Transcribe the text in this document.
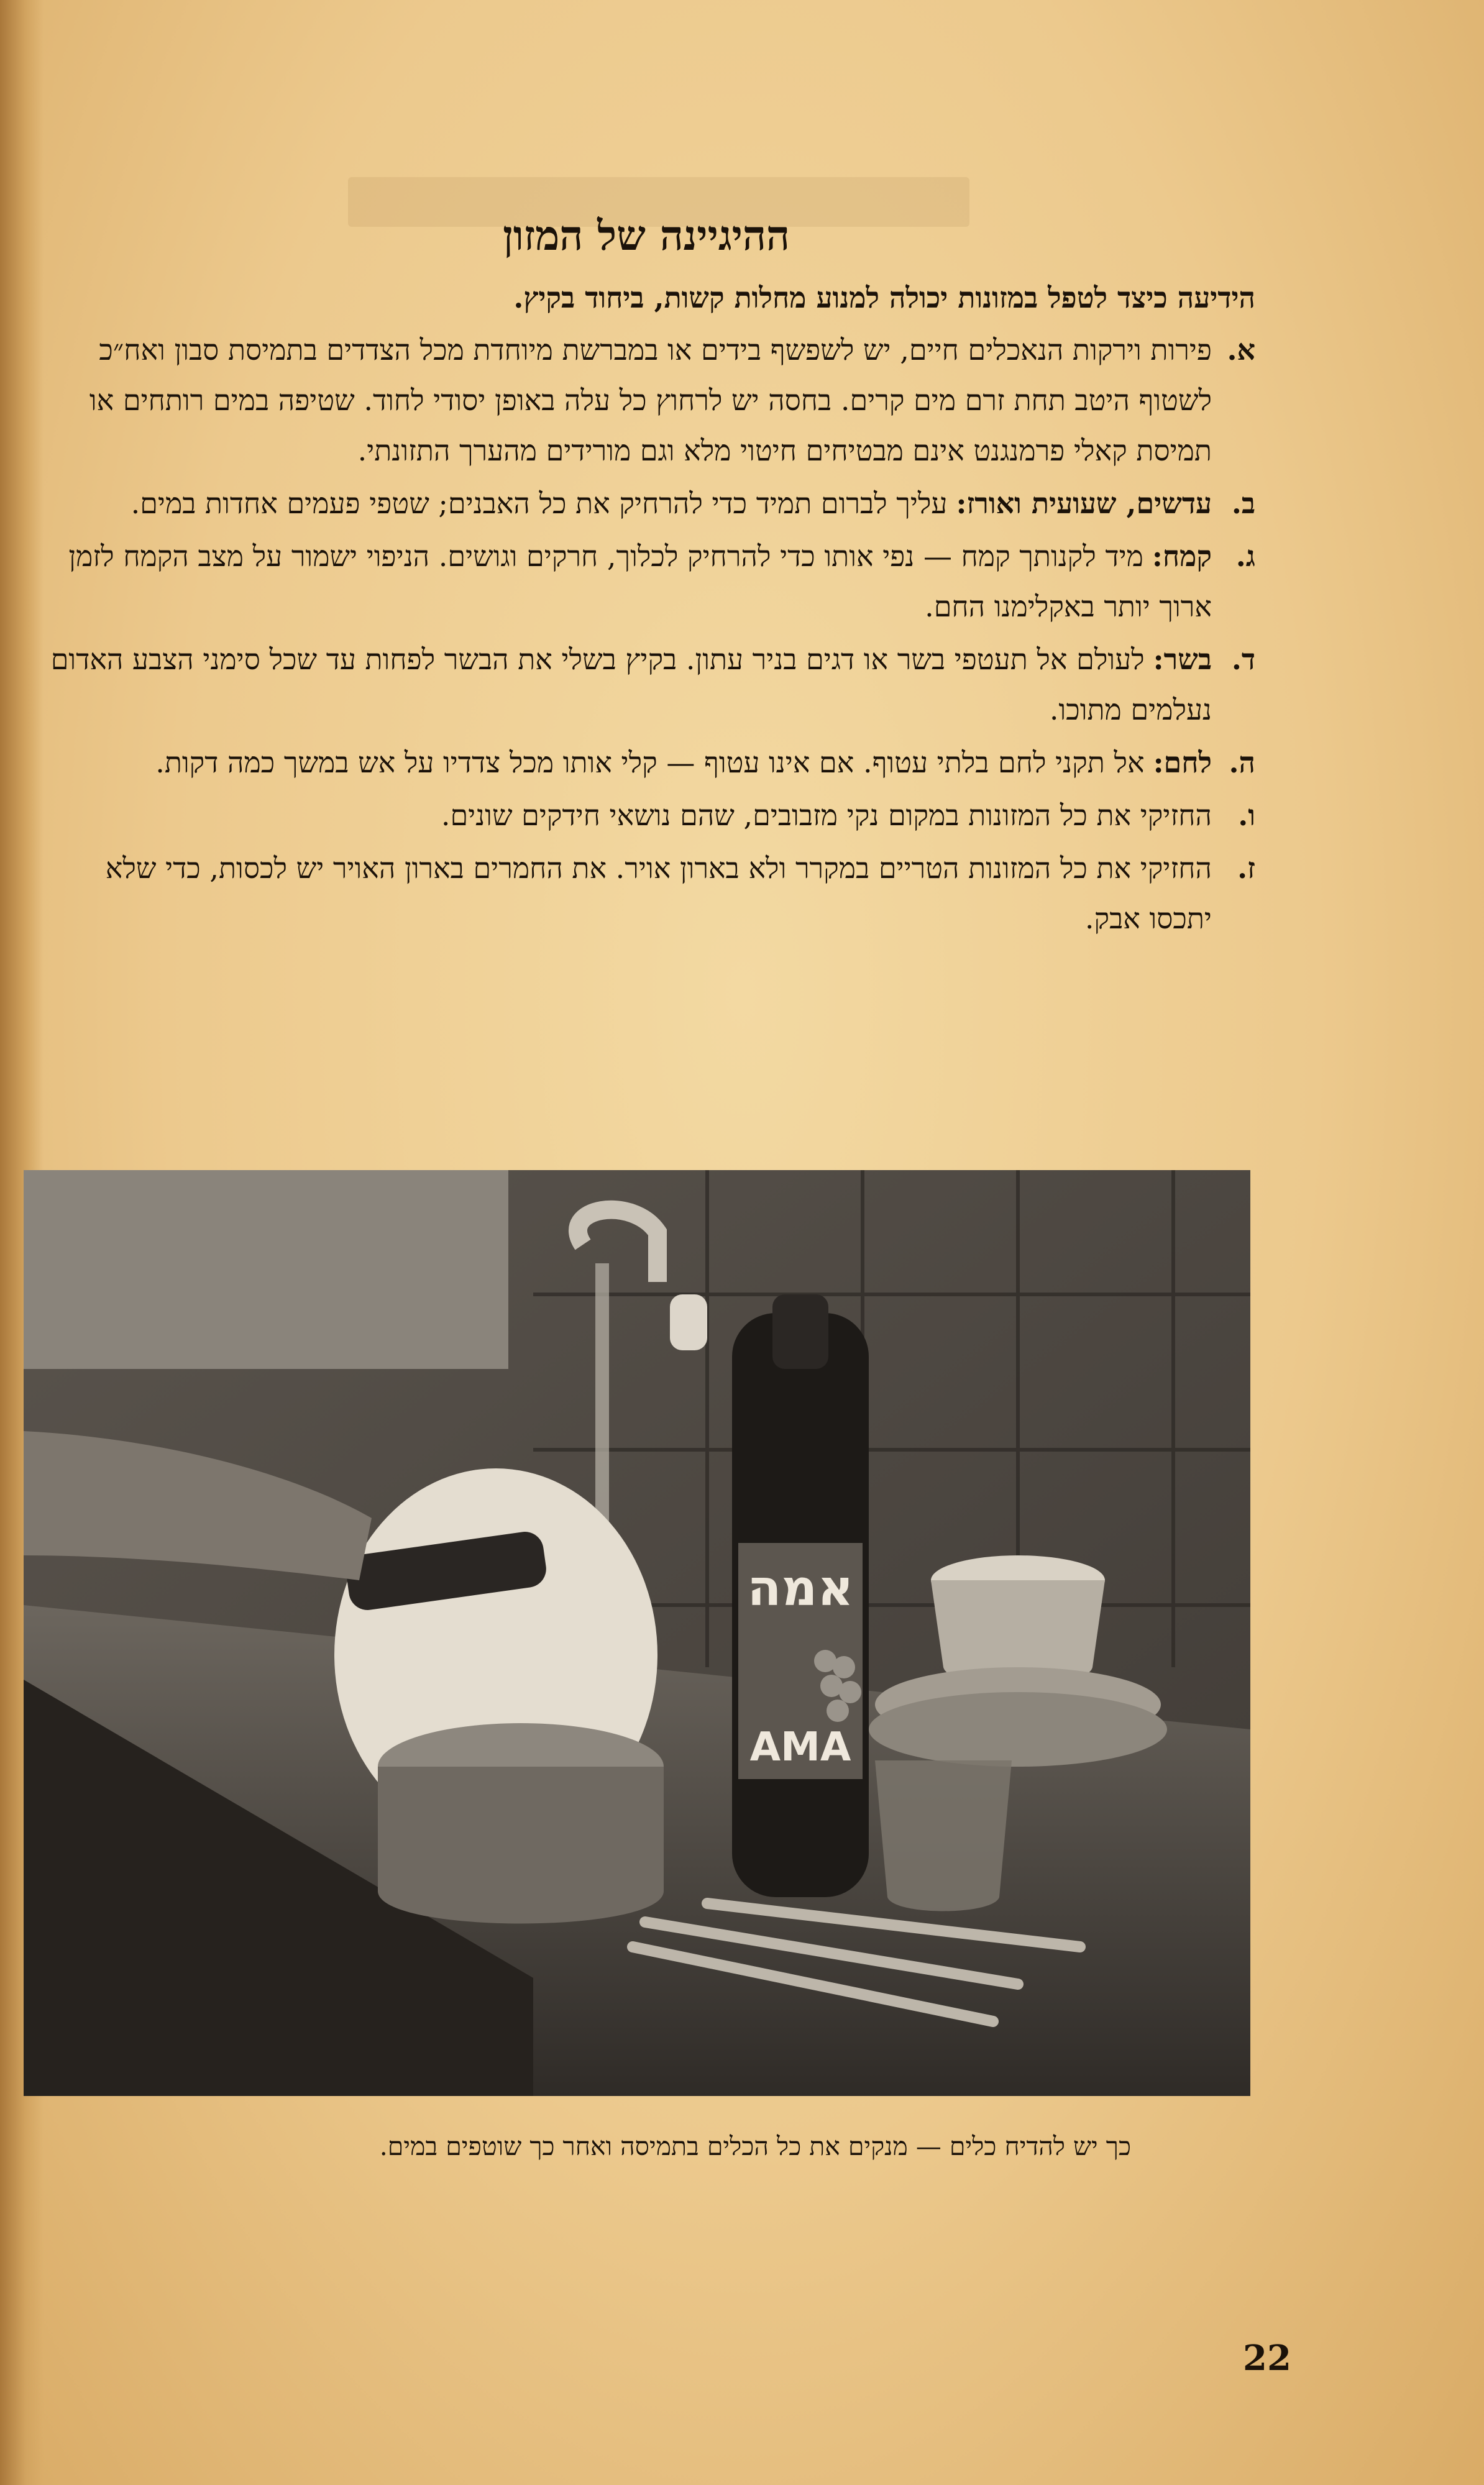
ההיגיינה של המזון

הידיעה כיצד לטפל במזונות יכולה למנוע מחלות קשות, ביחוד בקיץ.

א.
פירות וירקות הנאכלים חיים, יש לשפשף בידים או במברשת מיוחדת מכל הצדדים בתמיסת סבון ואח״כ לשטוף היטב תחת זרם מים קרים. בחסה יש לרחוץ כל עלה באופן יסודי לחוד. שטיפה במים רותחים או תמיסת קאלי פרמנגנט אינם מבטיחים חיטוי מלא וגם מורידים מהערך התזונתי.
ב.
עדשים, שעועית ואורז:עליך לברום תמיד כדי להרחיק את כל האבנים; שטפי פעמים אחדות במים.
ג.
קמח:מיד לקנותך קמח — נפי אותו כדי להרחיק לכלוך, חרקים וגושים. הניפוי ישמור על מצב הקמח לזמן ארוך יותר באקלימנו החם.
ד.
בשר:לעולם אל תעטפי בשר או דגים בניר עתון. בקיץ בשלי את הבשר לפחות עד שכל סימני הצבע האדום נעלמים מתוכו.
ה.
לחם:אל תקני לחם בלתי עטוף. אם אינו עטוף — קלי אותו מכל צדדיו על אש במשך כמה דקות.
ו.
החזיקי את כל המזונות במקום נקי מזבובים, שהם נושאי חידקים שונים.
ז.
החזיקי את כל המזונות הטריים במקרר ולא בארון אויר. את החמרים בארון האויר יש לכסות, כדי שלא יתכסו אבק.
אמה
AMA
כך יש להדיח כלים — מנקים את כל הכלים בתמיסה ואחר כך שוטפים במים.
22
